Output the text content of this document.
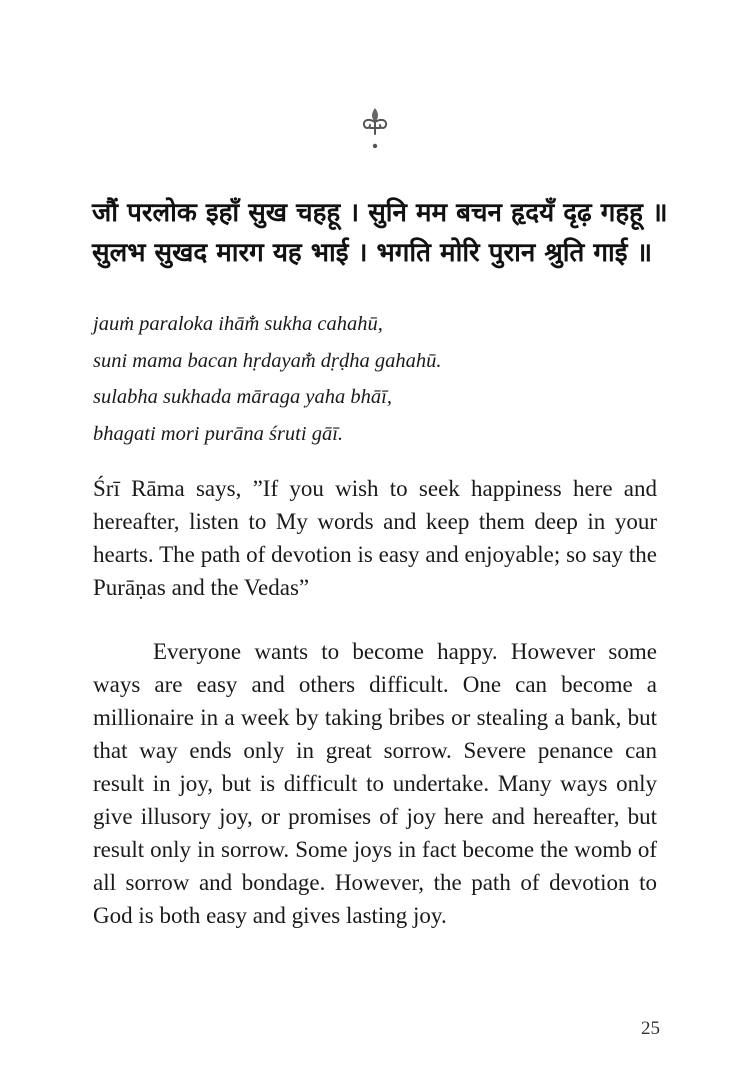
जौं परलोक इहाँ सुख चहहू । सुनि मम बचन हृदयँ दृढ़ गहहू ॥
सुलभ सुखद मारग यह भाई । भगति मोरि पुरान श्रुति गाई ॥
jauṁ paraloka ihām̐ sukha cahahū,
suni mama bacan hṛdayam̐ dṛḍha gahahū.
sulabha sukhada māraga yaha bhāī,
bhagati mori purāna śruti gāī.

Śrī Rāma says, ”If you wish to seek happiness here and hereafter, listen to My words and keep them deep in your hearts. The path of devotion is easy and enjoyable; so say the Purāṇas and the Vedas”

Everyone wants to become happy. However some ways are easy and others difficult. One can become a millionaire in a week by taking bribes or stealing a bank, but that way ends only in great sorrow. Severe penance can result in joy, but is difficult to undertake. Many ways only give illusory joy, or promises of joy here and hereafter, but result only in sorrow. Some joys in fact become the womb of all sorrow and bondage. However, the path of devotion to God is both easy and gives lasting joy.

25
